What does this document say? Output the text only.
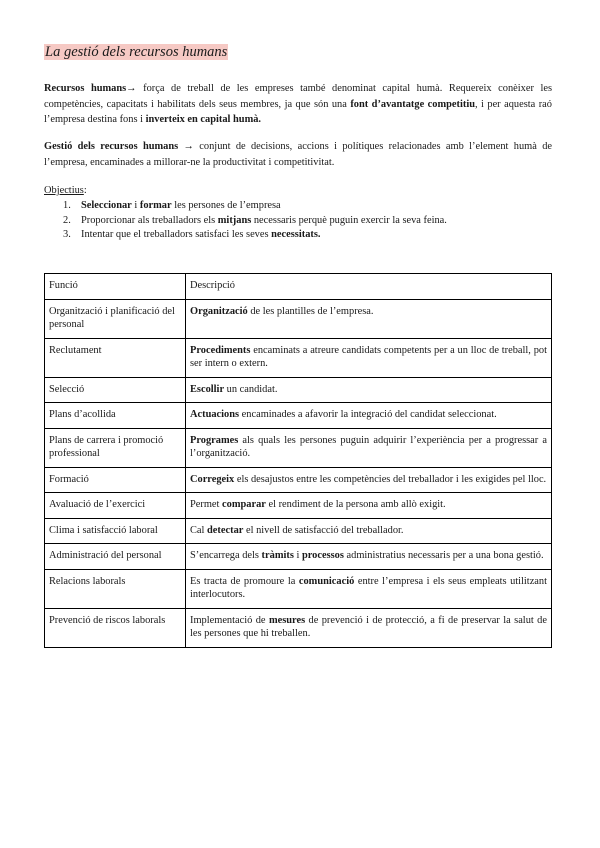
La gestió dels recursos humans

Recursos humans→ força de treball de les empreses també denominat capital humà. Requereix conèixer les competències, capacitats i habilitats dels seus membres, ja que són una font d’avantatge competitiu, i per aquesta raó l’empresa destina fons i inverteix en capital humà.

Gestió dels recursos humans → conjunt de decisions, accions i polítiques relacionades amb l’element humà de l’empresa, encaminades a millorar-ne la productivitat i competitivitat.

Objectius:

1. Seleccionar i formar les persones de l’empresa
2. Proporcionar als treballadors els mitjans necessaris perquè puguin exercir la seva feina.
3. Intentar que el treballadors satisfaci les seves necessitats.
Funció	Descripció
Organització i planificació del personal	Organització de les plantilles de l’empresa.
Reclutament	Procediments encaminats a atreure candidats competents per a un lloc de treball, pot ser intern o extern.
Selecció	Escollir un candidat.
Plans d’acollida	Actuacions encaminades a afavorir la integració del candidat seleccionat.
Plans de carrera i promoció professional	Programes als quals les persones puguin adquirir l’experiència per a progressar a l’organització.
Formació	Corregeix els desajustos entre les competències del treballador i les exigides pel lloc.
Avaluació de l’exercici	Permet comparar el rendiment de la persona amb allò exigit.
Clima i satisfacció laboral	Cal detectar el nivell de satisfacció del treballador.
Administració del personal	S’encarrega dels tràmits i processos administratius necessaris per a una bona gestió.
Relacions laborals	Es tracta de promoure la comunicació entre l’empresa i els seus empleats utilitzant interlocutors.
Prevenció de riscos laborals	Implementació de mesures de prevenció i de protecció, a fi de preservar la salut de les persones que hi treballen.
